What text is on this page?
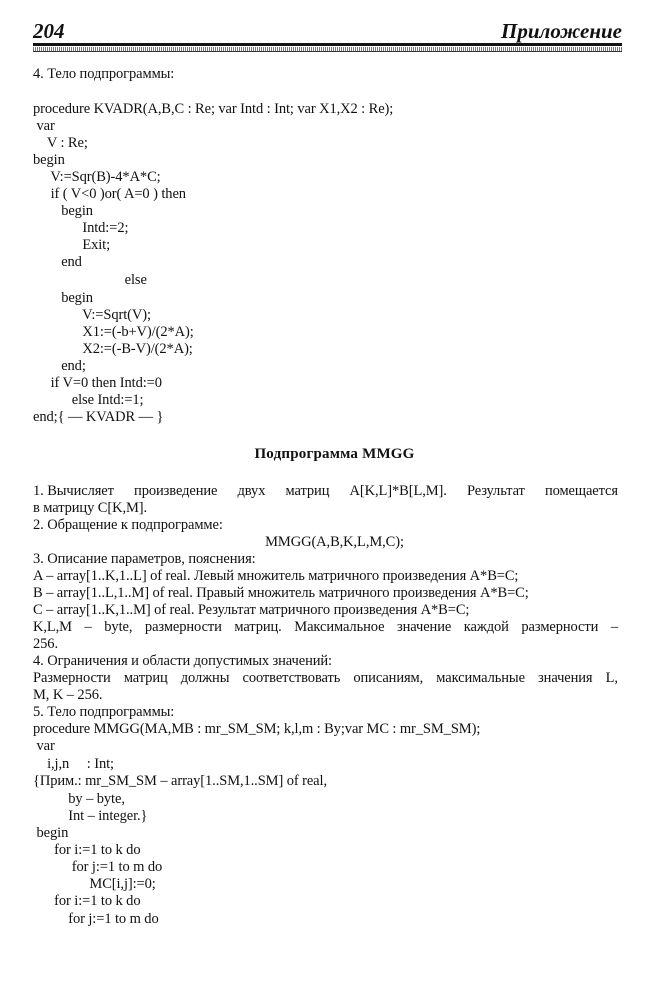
204	Приложение
4. Тело подпрограммы:
procedure KVADR(A,B,C : Re; var Intd : Int; var X1,X2 : Re);
var
V : Re;
begin
V:=Sqr(B)-4*A*C;
if ( V<0 )or( A=0 ) then
begin
Intd:=2;
Exit;
end
else
begin
V:=Sqrt(V);
X1:=(-b+V)/(2*A);
X2:=(-B-V)/(2*A);
end;
if V=0 then Intd:=0
else Intd:=1;
end;{ — KVADR — }
Подпрограмма MMGG
1. Вычисляет произведение двух матриц A[K,L]*B[L,M]. Результат помещается
в матрицу C[K,M].
2. Обращение к подпрограмме:
MMGG(A,B,K,L,M,C);
3. Описание параметров, пояснения:
A – array[1..K,1..L] of real. Левый множитель матричного произведения A*B=C;
B – array[1..L,1..M] of real. Правый множитель матричного произведения A*B=C;
C – array[1..K,1..M] of real. Результат матричного произведения A*B=C;
K,L,M – byte, размерности матриц. Максимальное значение каждой размерности –
256.
4. Ограничения и области допустимых значений:
Размерности матриц должны соответствовать описаниям, максимальные значения L,
M, K – 256.
5. Тело подпрограммы:
procedure MMGG(MA,MB : mr_SM_SM; k,l,m : By;var MC : mr_SM_SM);
var
i,j,n     : Int;
{Прим.: mr_SM_SM – array[1..SM,1..SM] of real,
by – byte,
Int – integer.}
begin
for i:=1 to k do
for j:=1 to m do
MC[i,j]:=0;
for i:=1 to k do
for j:=1 to m do
